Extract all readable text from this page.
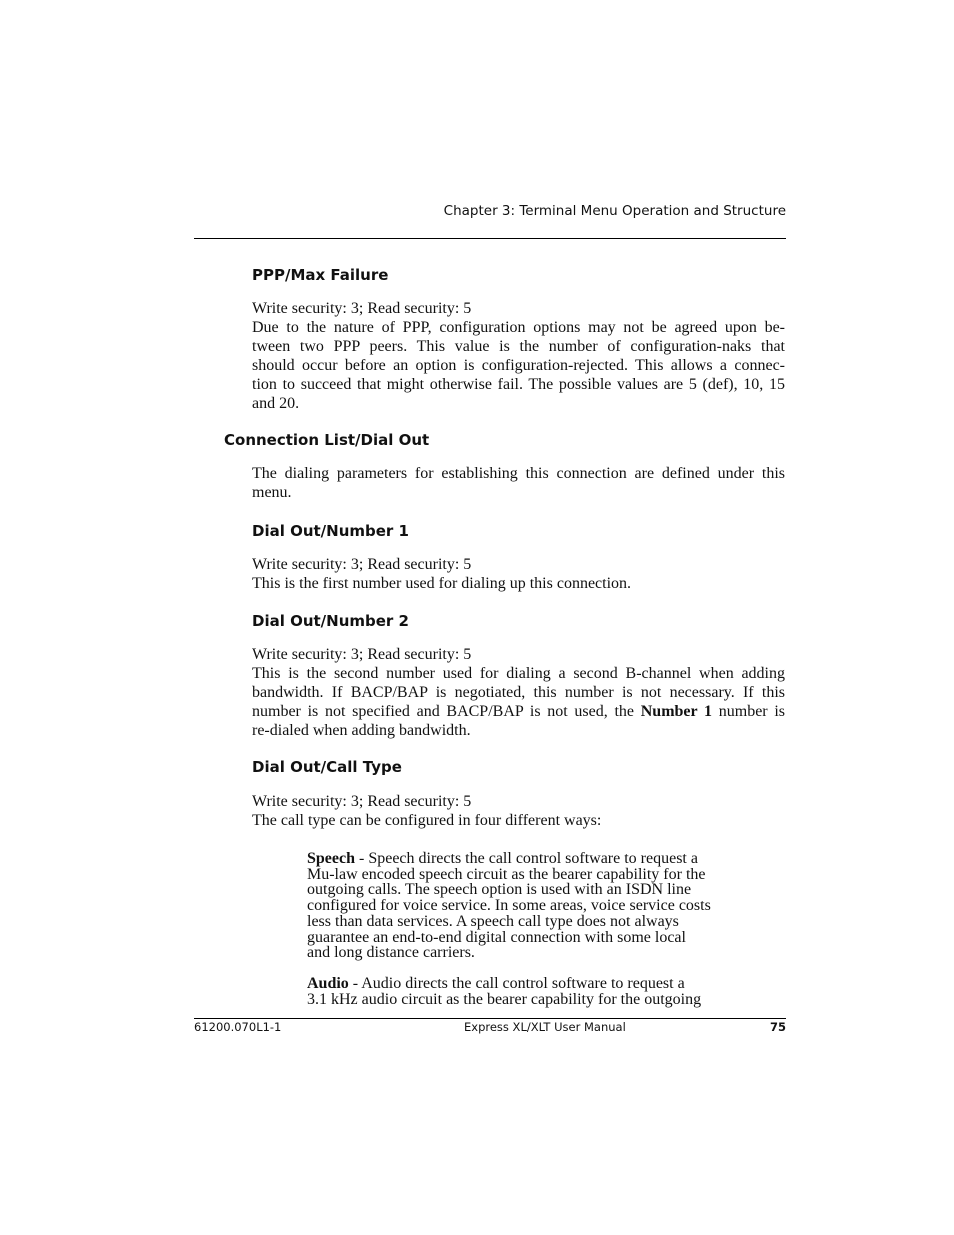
Chapter 3: Terminal Menu Operation and Structure
PPP/Max Failure
Write security: 3; Read security: 5
Due to the nature of PPP, configuration options may not be agreed upon be-
tween two PPP peers. This value is the number of configuration-naks that
should occur before an option is configuration-rejected. This allows a connec-
tion to succeed that might otherwise fail. The possible values are 5 (def), 10, 15
and 20.
Connection List/Dial Out
The dialing parameters for establishing this connection are defined under this
menu.
Dial Out/Number 1
Write security: 3; Read security: 5
This is the first number used for dialing up this connection.
Dial Out/Number 2
Write security: 3; Read security: 5
This is the second number used for dialing a second B-channel when adding
bandwidth. If BACP/BAP is negotiated, this number is not necessary. If this
number is not specified and BACP/BAP is not used, the Number 1 number is
re-dialed when adding bandwidth.
Dial Out/Call Type
Write security: 3; Read security: 5
The call type can be configured in four different ways:
Speech - Speech directs the call control software to request a
Mu-law encoded speech circuit as the bearer capability for the
outgoing calls. The speech option is used with an ISDN line
configured for voice service. In some areas, voice service costs
less than data services. A speech call type does not always
guarantee an end-to-end digital connection with some local
and long distance carriers.
Audio - Audio directs the call control software to request a
3.1 kHz audio circuit as the bearer capability for the outgoing
61200.070L1-1	Express XL/XLT User Manual	75
